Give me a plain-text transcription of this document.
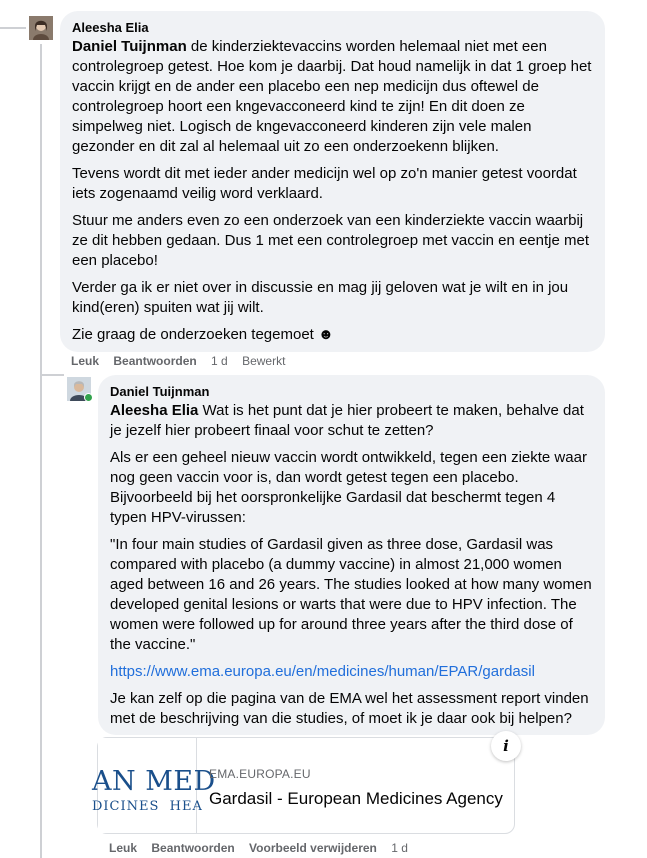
Aleesha Elia
Daniel Tuijnman de kinderziektevaccins worden helemaal niet met een controlegroep getest. Hoe kom je daarbij. Dat houd namelijk in dat 1 groep het vaccin krijgt en de ander een placebo een nep medicijn dus oftewel de controlegroep hoort een kngevacconeerd kind te zijn! En dit doen ze simpelweg niet. Logisch de kngevacconeerd kinderen zijn vele malen gezonder en dit zal al helemaal uit zo een onderzoekenn blijken.
Tevens wordt dit met ieder ander medicijn wel op zo'n manier getest voordat iets zogenaamd veilig word verklaard.
Stuur me anders even zo een onderzoek van een kinderziekte vaccin waarbij ze dit hebben gedaan. Dus 1 met een controlegroep met vaccin en eentje met een placebo!
Verder ga ik er niet over in discussie en mag jij geloven wat je wilt en in jou kind(eren) spuiten wat jij wilt.
Zie graag de onderzoeken tegemoet ☻
Leuk Beantwoorden 1 d Bewerkt
Daniel Tuijnman
Aleesha Elia Wat is het punt dat je hier probeert te maken, behalve dat je jezelf hier probeert finaal voor schut te zetten?
Als er een geheel nieuw vaccin wordt ontwikkeld, tegen een ziekte waar nog geen vaccin voor is, dan wordt getest tegen een placebo. Bijvoorbeeld bij het oorspronkelijke Gardasil dat beschermt tegen 4 typen HPV-virussen:
"In four main studies of Gardasil given as three dose, Gardasil was compared with placebo (a dummy vaccine) in almost 21,000 women aged between 16 and 26 years. The studies looked at how many women developed genital lesions or warts that were due to HPV infection. The women were followed up for around three years after the third dose of the vaccine."
https://www.ema.europa.eu/en/medicines/human/EPAR/gardasil
Je kan zelf op die pagina van de EMA wel het assessment report vinden met de beschrijving van die studies, of moet ik je daar ook bij helpen?
AN MED
DICINES  HEA
EMA.EUROPA.EU
Gardasil - European Medicines Agency
i
Leuk Beantwoorden Voorbeeld verwijderen 1 d
